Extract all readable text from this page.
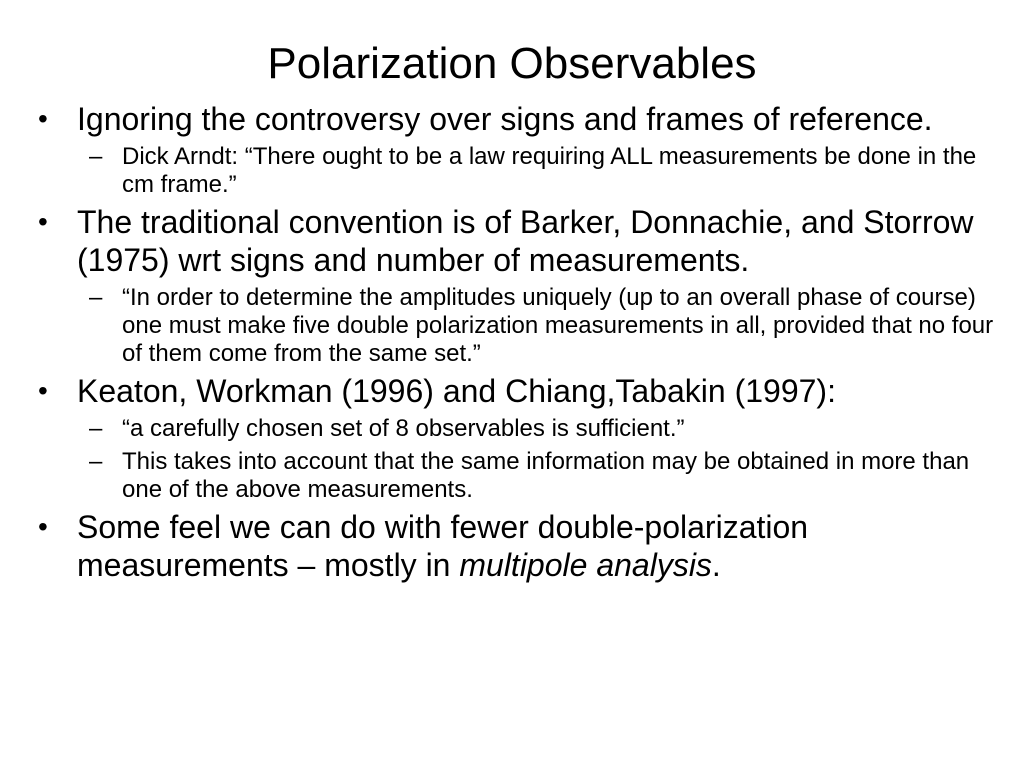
Polarization Observables
• Ignoring the controversy over signs and frames of reference.
– Dick Arndt: “There ought to be a law requiring ALL measurements be done in the cm frame.”
• The traditional convention is of Barker, Donnachie, and Storrow (1975) wrt signs and number of measurements.
– “In order to determine the amplitudes uniquely (up to an overall phase of course) one must make five double polarization measurements in all, provided that no four of them come from the same set.”
• Keaton, Workman (1996) and Chiang,Tabakin (1997):
– “a carefully chosen set of 8 observables is sufficient.”
– This takes into account that the same information may be obtained in more than one of the above measurements.
• Some feel we can do with fewer double-polarization measurements – mostly in multipole analysis.
